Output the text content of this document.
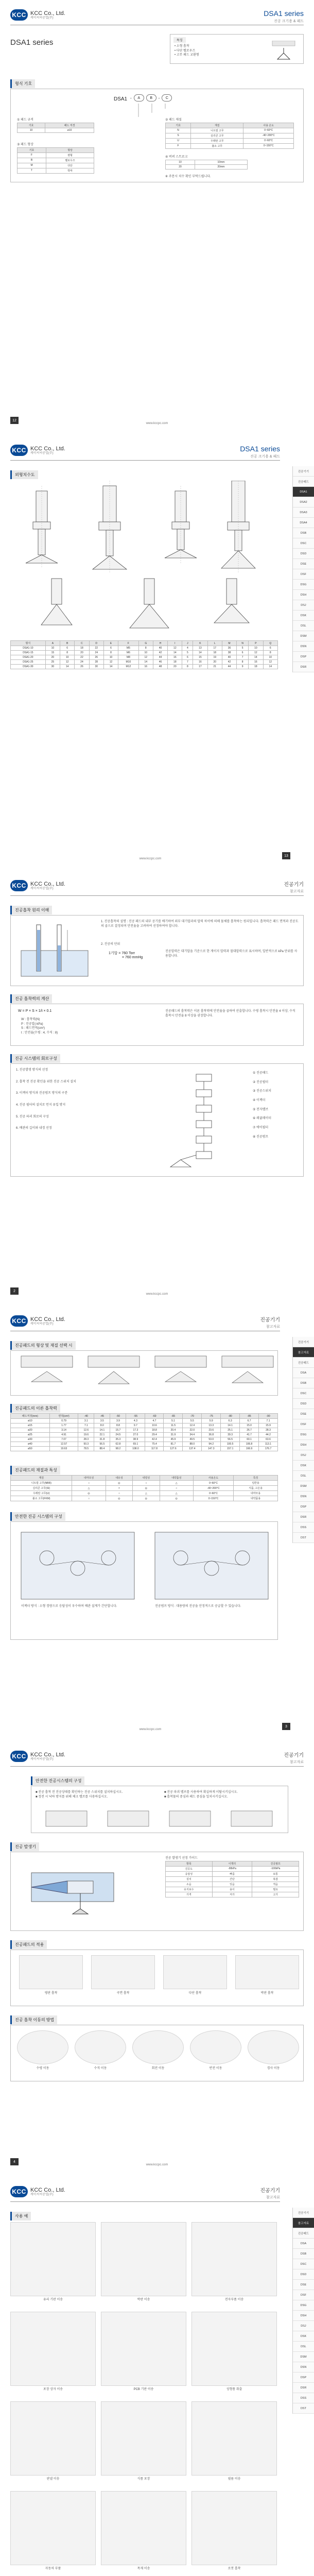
KCC KCC Co., Ltd.
케이씨씨공업(주)
DSA1 series
진공 크기용 & 패드
DSA1 series	특징
• 소형 흡착
• 다단 벨로우즈
• 고무 패드 교환형
형식 기호
DSA1 -	A	B	-	C
① 패드 규격
기호	패드 직경
10	ø10
② 패드 재질
기호	재질	사용 온도
N	니트릴 고무	0~60°C
S	실리콘 고무	-40~200°C
U	우레탄 고무	0~60°C
F	불소 고무	0~150°C
③ 패드 형상
기호	형상
F	평형
B	벨로우즈
M	다단
T	박막
④ 버퍼 스트로크
10	10mm
20	20mm
※ 주문시 치수 확인 부탁드립니다.
12
www.kccpc.com
KCC KCC Co., Ltd.
케이씨씨공업(주)
DSA1 series
진공 크기용 & 패드
진공기기
진공패드
DSA1
DSA2
DSA3
DSA4
DSB
DSC
DSD
DSE
DSF
DSG
DSH
DSJ
DSK
DSL
DSM
DSN
DSP
DSR
외형치수도
형식	A	B	C	D	E	F	G	H	I	J	K	L	M	N	P	Q
DSA1-10	10	6	18	22	6	M5	8	40	12	4	13	17	36	5	10	6
DSA1-15	15	8	20	24	8	M6	10	42	14	5	14	18	38	6	12	8
DSA1-20	20	10	22	26	10	M8	12	44	16	6	15	19	40	7	14	10
DSA1-25	25	12	24	28	12	M10	14	46	18	7	16	20	42	8	16	12
DSA1-30	30	14	26	30	14	M12	16	48	20	8	17	21	44	9	18	14
www.kccpc.com
13
KCC KCC Co., Ltd.
케이씨씨공업(주)
진공기기
참고자료
진공흡착 원리 이해
1. 진공흡착의 설명 : 진공 패드의 내부 공기를 배기하여 외부 대기압과의 압력 차이에 의해 물체를 흡착하는 원리입니다. 흡착력은 패드 면적과 진공도의 곱으로 결정되며 안전율을 고려하여 선정하여야 합니다.
2. 진공의 단위
1기압 = 760 Torr
= 760 mmHg
진공압력은 대기압을 기준으로 한 게이지 압력과 절대압력으로 표시하며, 일반적으로 kPa 단위를 사용합니다.
진공 흡착력의 계산
W = P × S × 1/t × 0.1
W : 흡착력(N)
P : 진공압(-kPa)
S : 패드면적(cm²)
t : 안전율(수평 : 4, 수직 : 8)
진공패드의 흡착력은 이론 흡착력에 안전율을 곱하여 산출합니다. 수평 흡착시 안전율 4 이상, 수직 흡착시 안전율 8 이상을 권장합니다.
진공 시스템의 회로구성
1. 진공발생 방식의 선정
2. 흡착 전 진공 확인을 위한 진공 스위치 설치
3. 이젝터 방식과 진공펌프 방식의 구분
4. 진공 필터의 설치로 먼지 유입 방지
5. 진공 파괴 회로의 구성
6. 배관의 길이와 내경 선정
① 진공패드
② 진공필터
③ 진공스위치
④ 이젝터
⑤ 전자밸브
⑥ 레귤레이터
⑦ 에어필터
⑧ 진공펌프
2
www.kccpc.com
KCC KCC Co., Ltd.
케이씨씨공업(주)
진공기기
참고자료
진공기기
참고자료
진공패드
DSA
DSB
DSC
DSD
DSE
DSF
DSG
DSH
DSJ
DSK
DSL
DSM
DSN
DSP
DSR
DSS
DST
진공패드의 형상 및 재질 선택 시
진공패드의 이론 흡착력
패드직경(mm)	면적(cm²)	-40	-45	-50	-55	-60	-65	-70	-75	-80	-85	-90
ø10	0.79	3.1	3.5	3.9	4.3	4.7	5.1	5.5	5.9	6.3	6.7	7.1
ø15	1.77	7.1	8.0	8.8	9.7	10.6	11.5	12.4	13.3	14.1	15.0	15.9
ø20	3.14	12.6	14.1	15.7	17.3	18.8	20.4	22.0	23.6	25.1	26.7	28.3
ø25	4.91	19.6	22.1	24.5	27.0	29.4	31.9	34.4	36.8	39.3	41.7	44.2
ø30	7.07	28.3	31.8	35.3	38.9	42.4	45.9	49.5	53.0	56.5	60.1	63.6
ø40	12.57	50.3	56.5	62.8	69.1	75.4	81.7	88.0	94.2	100.5	106.8	113.1
ø50	19.63	78.5	88.4	98.2	108.0	117.8	127.6	137.4	147.3	157.1	166.9	176.7
진공패드의 재질과 특성
재질	내마모성	내유성	내열성	내약품성	사용온도	특징
니트릴 고무(NBR)	○	◎	○	△	0~60°C	일반용
실리콘 고무(SI)	△	×	◎	○	-40~200°C	식품, 고온용
우레탄 고무(U)	◎	○	△	△	0~60°C	내마모용
불소 고무(FKM)	○	◎	◎	◎	0~150°C	내약품용
안전한 진공 시스템의 구성
이젝터 방식 : 소형 경량으로 응답성이 우수하며 배관 설계가 간단합니다.	진공펌프 방식 : 대용량의 진공을 안정적으로 공급할 수 있습니다.
www.kccpc.com
3
KCC KCC Co., Ltd.
케이씨씨공업(주)
진공기기
참고자료
안전한 진공시스템의 구성
■ 진공 흡착 전 진공상태를 확인하는 진공 스위치를 설치하십시오.
■ 정전 시 낙하 방지를 위해 체크 밸브를 사용하십시오.
■ 진공 파괴 밸브를 사용하여 확실하게 이탈시키십시오.
■ 흡착물의 중심과 패드 중심을 일치시키십시오.
진공 발생기
진공 발생기 선정 가이드
항목	이젝터	진공펌프
진공도	-90kPa	-100kPa
응답성	빠름	보통
설치	간단	복잡
소음	있음	적음
유지보수	용이	필요
가격	저가	고가
진공패드의 적용
평판 흡착	곡면 흡착	다단 흡착	박판 흡착
진공 흡착 이동의 방법
수평 이동	수직 이동	회전 이동	반전 이동	경사 이동
4
www.kccpc.com
KCC KCC Co., Ltd.
케이씨씨공업(주)
진공기기
참고자료
진공기기
참고자료
진공패드
DSA
DSB
DSC
DSD
DSE
DSF
DSG
DSH
DSJ
DSK
DSL
DSM
DSN
DSP
DSR
DSS
DST
사용 예
유리 기판 이송	박판 이송	전자부품 이송
포장 상자 이송	PCB 기판 이송	성형품 취출
판넬 이송	식품 포장	필름 이송
자동차 부품	목재 이송	로봇 흡착
